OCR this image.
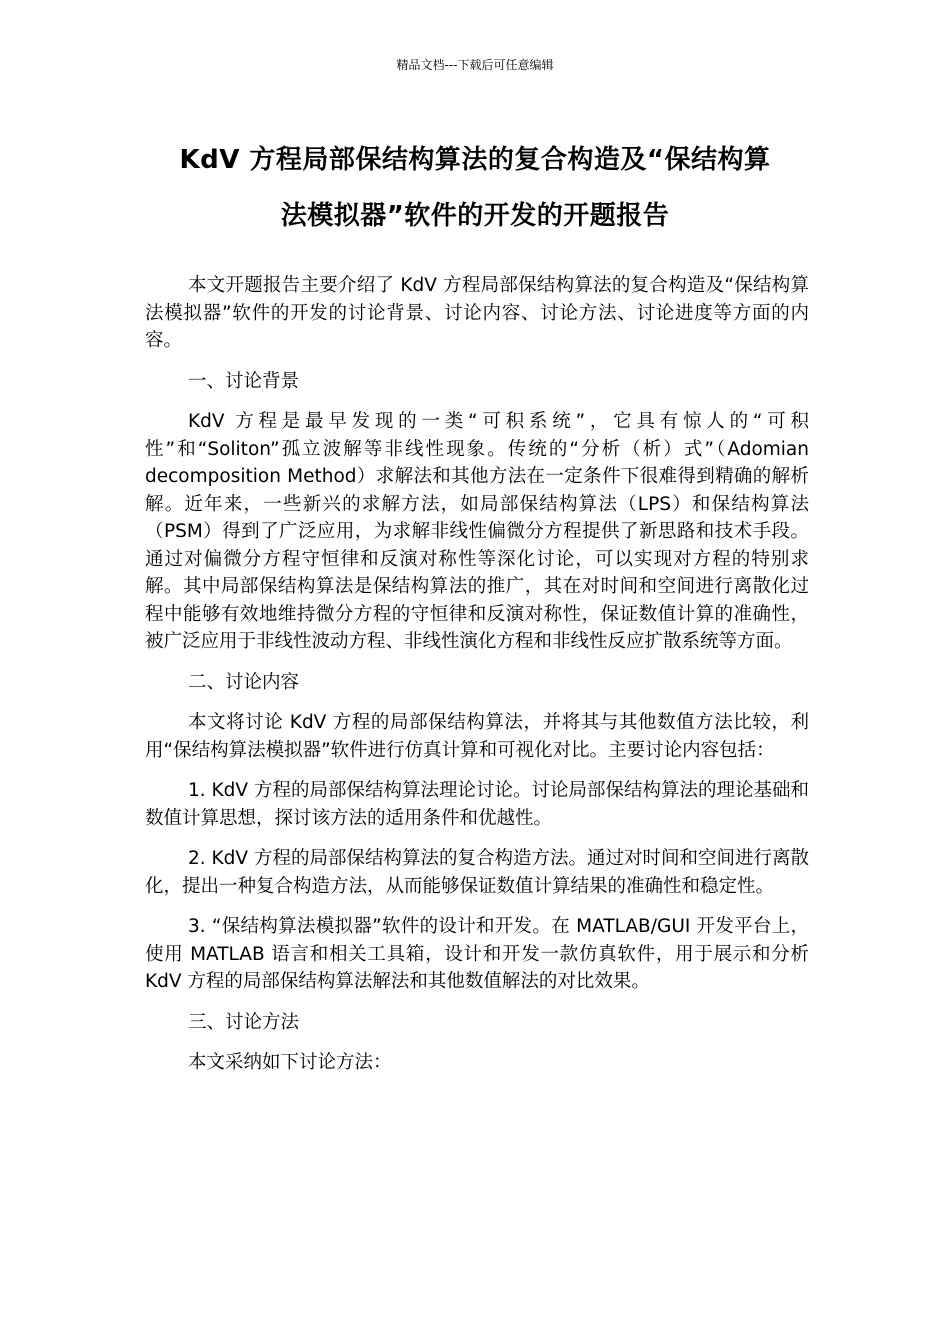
精品文档---下载后可任意编辑
KdV 方程局部保结构算法的复合构造及“保结构算
法模拟器”软件的开发的开题报告

本文开题报告主要介绍了 KdV 方程局部保结构算法的复合构造及“保结构算法模拟器”软件的开发的讨论背景、讨论内容、讨论方法、讨论进度等方面的内容。

一、讨论背景

KdV 方程是最早发现的一类“可积系统”，它具有惊人的“可积性”和“Soliton”孤立波解等非线性现象。传统的“分析（析）式”（Adomian decomposition Method）求解法和其他方法在一定条件下很难得到精确的解析解。近年来，一些新兴的求解方法，如局部保结构算法（LPS）和保结构算法（PSM）得到了广泛应用，为求解非线性偏微分方程提供了新思路和技术手段。通过对偏微分方程守恒律和反演对称性等深化讨论，可以实现对方程的特别求解。其中局部保结构算法是保结构算法的推广，其在对时间和空间进行离散化过程中能够有效地维持微分方程的守恒律和反演对称性，保证数值计算的准确性，被广泛应用于非线性波动方程、非线性演化方程和非线性反应扩散系统等方面。

二、讨论内容

本文将讨论 KdV 方程的局部保结构算法，并将其与其他数值方法比较，利用“保结构算法模拟器”软件进行仿真计算和可视化对比。主要讨论内容包括：

1. KdV 方程的局部保结构算法理论讨论。讨论局部保结构算法的理论基础和数值计算思想，探讨该方法的适用条件和优越性。

2. KdV 方程的局部保结构算法的复合构造方法。通过对时间和空间进行离散化，提出一种复合构造方法，从而能够保证数值计算结果的准确性和稳定性。

3. “保结构算法模拟器”软件的设计和开发。在 MATLAB/GUI 开发平台上，使用 MATLAB 语言和相关工具箱，设计和开发一款仿真软件，用于展示和分析 KdV 方程的局部保结构算法解法和其他数值解法的对比效果。

三、讨论方法

本文采纳如下讨论方法：
